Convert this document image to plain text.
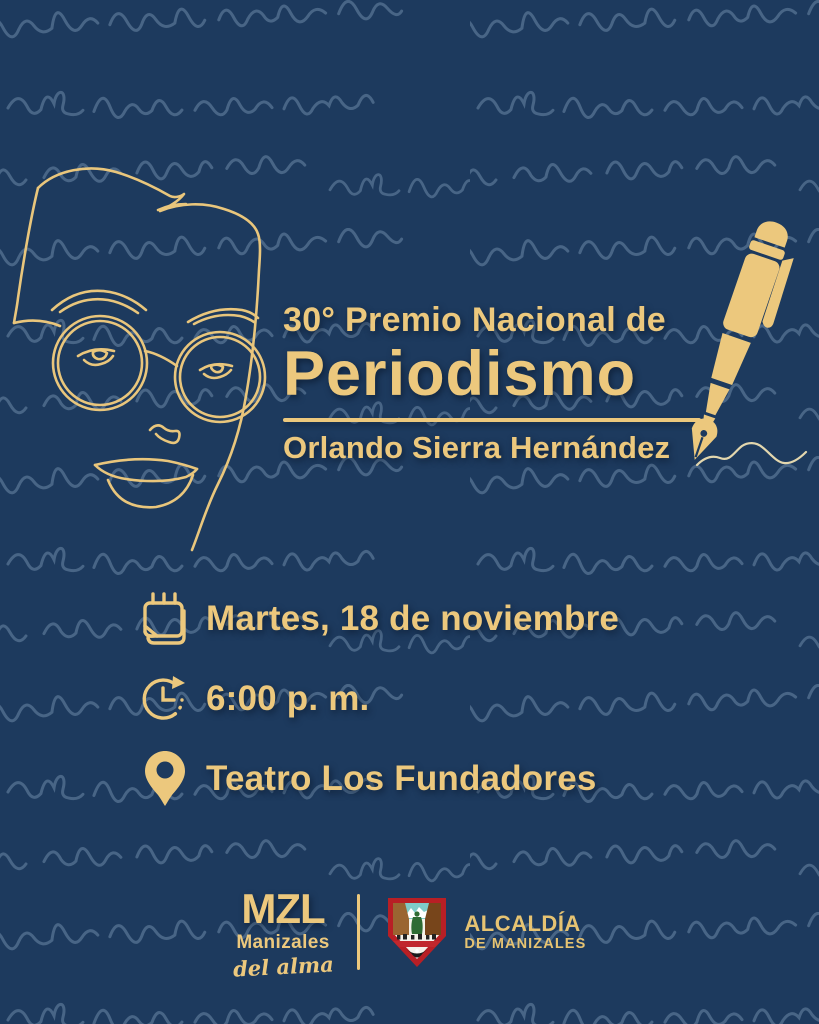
30° Premio Nacional de
Periodismo
Orlando Sierra Hernández
Martes, 18 de noviembre
6:00 p. m.
Teatro Los Fundadores
MZL
Manizales
del alma
ALCALDÍA
DE MANIZALES
